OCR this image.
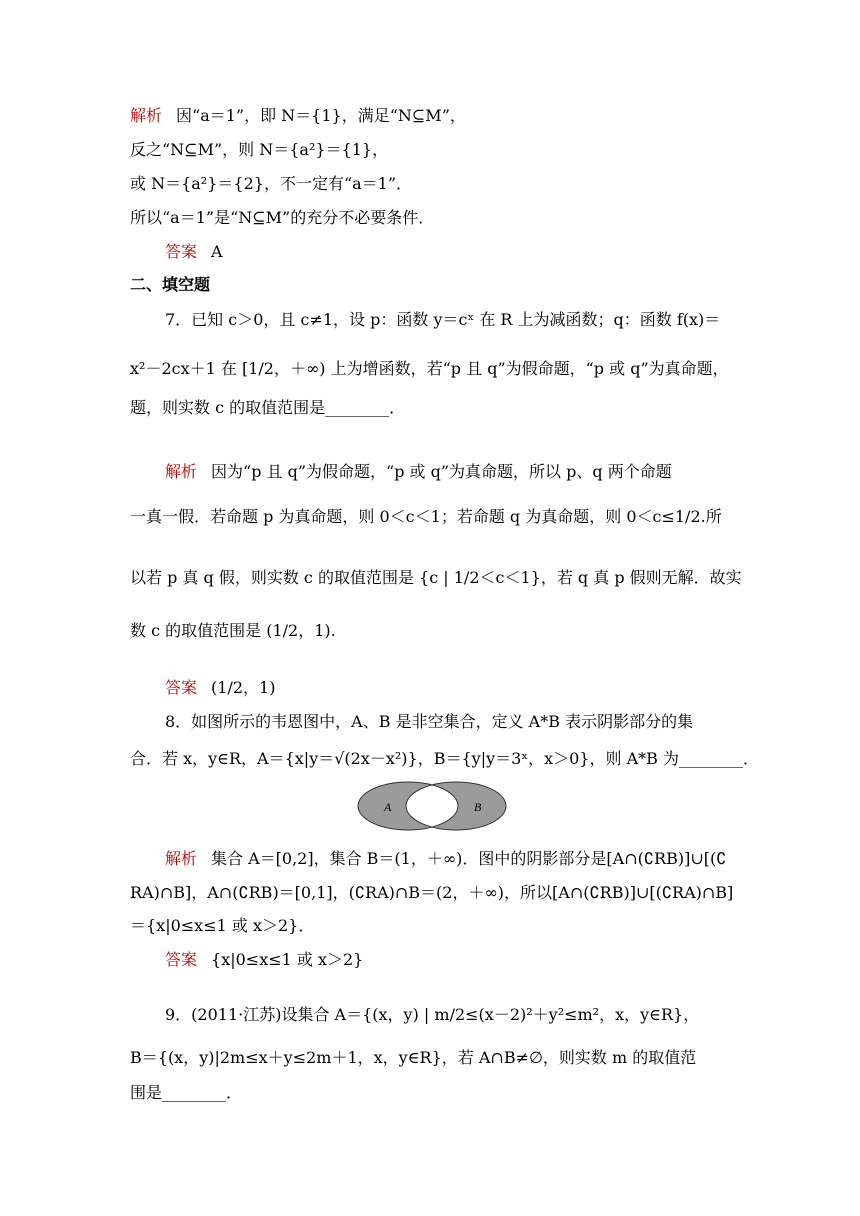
解析 因“a＝1”，即 N＝{1}，满足“N⊆M”，
反之“N⊆M”，则 N＝{a²}＝{1}，
或 N＝{a²}＝{2}，不一定有“a＝1”．
所以“a＝1”是“N⊆M”的充分不必要条件．
答案 A
二、填空题
7．已知 c＞0，且 c≠1，设 p：函数 y＝cˣ 在 R 上为减函数；q：函数 f(x)＝
x²－2cx＋1 在 [1/2，＋∞) 上为增函数，若“p 且 q”为假命题，“p 或 q”为真命题，
题，则实数 c 的取值范围是________．
解析 因为“p 且 q”为假命题，“p 或 q”为真命题，所以 p、q 两个命题
一真一假．若命题 p 为真命题，则 0＜c＜1；若命题 q 为真命题，则 0＜c≤1/2.所
以若 p 真 q 假，则实数 c 的取值范围是 {c | 1/2＜c＜1}，若 q 真 p 假则无解．故实
数 c 的取值范围是 (1/2，1).
答案 (1/2，1)
8．如图所示的韦恩图中，A、B 是非空集合，定义 A*B 表示阴影部分的集
合．若 x，y∈R，A＝{x|y＝√(2x－x²)}，B＝{y|y＝3ˣ，x＞0}，则 A*B 为________．
A	B
解析 集合 A＝[0,2]，集合 B＝(1，＋∞)．图中的阴影部分是[A∩(∁RB)]∪[(∁
RA)∩B]，A∩(∁RB)＝[0,1]，(∁RA)∩B＝(2，＋∞)，所以[A∩(∁RB)]∪[(∁RA)∩B]
＝{x|0≤x≤1 或 x＞2}．
答案 {x|0≤x≤1 或 x＞2}
9．(2011·江苏)设集合 A＝{(x，y) | m/2≤(x－2)²＋y²≤m²，x，y∈R}，
B＝{(x，y)|2m≤x＋y≤2m＋1，x，y∈R}，若 A∩B≠∅，则实数 m 的取值范
围是________．
